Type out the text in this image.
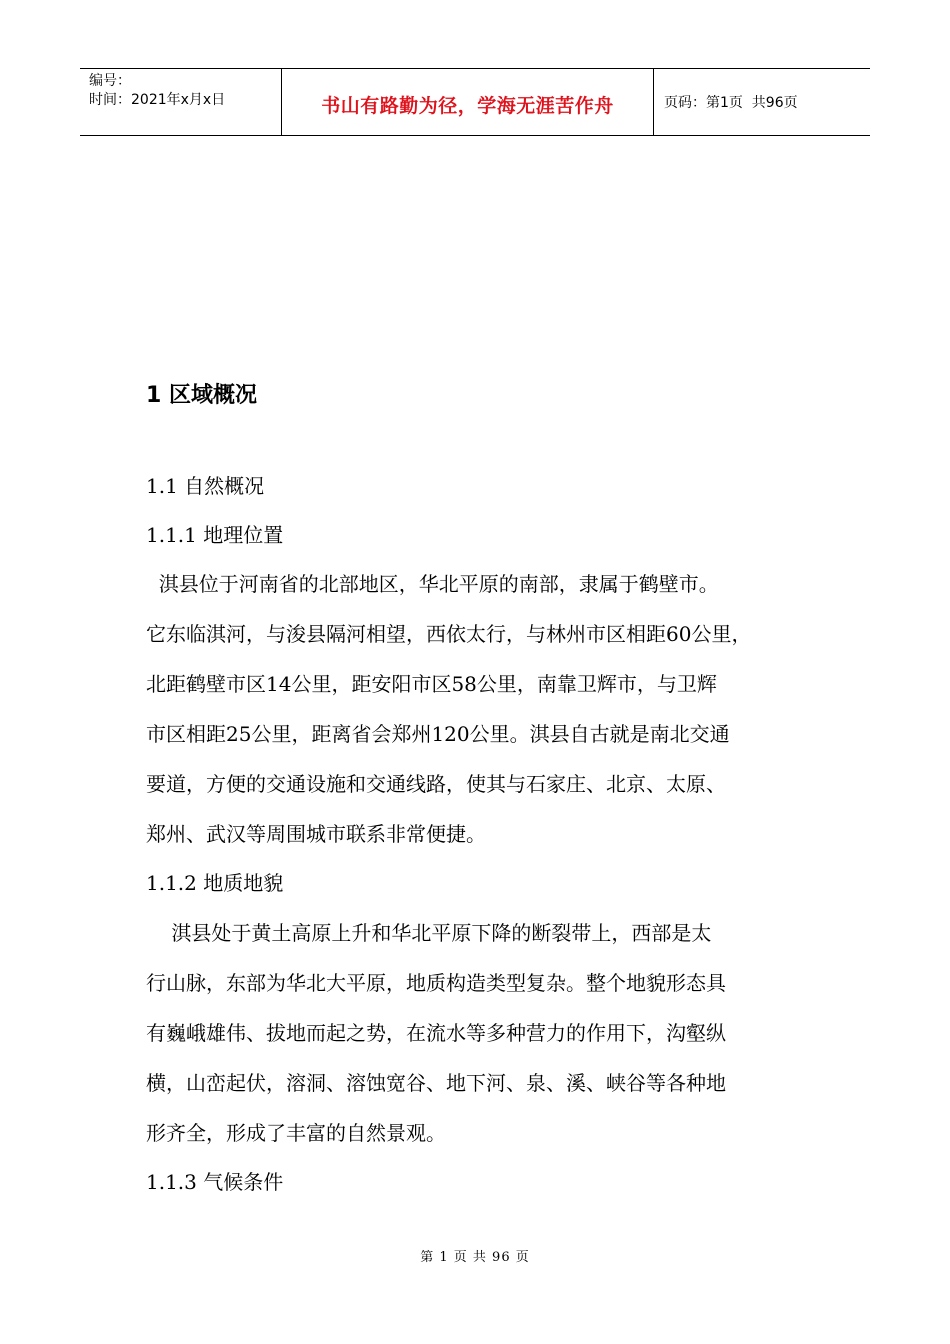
编号：
时间：2021年x月x日	书山有路勤为径，学海无涯苦作舟	页码：第1页  共96页
1 区域概况
1.1 自然概况
1.1.1 地理位置
淇县位于河南省的北部地区，华北平原的南部，隶属于鹤壁市。
它东临淇河，与浚县隔河相望，西依太行，与林州市区相距60公里，
北距鹤壁市区14公里，距安阳市区58公里，南靠卫辉市，与卫辉
市区相距25公里，距离省会郑州120公里。淇县自古就是南北交通
要道，方便的交通设施和交通线路，使其与石家庄、北京、太原、
郑州、武汉等周围城市联系非常便捷。
1.1.2 地质地貌
淇县处于黄土高原上升和华北平原下降的断裂带上，西部是太
行山脉，东部为华北大平原，地质构造类型复杂。整个地貌形态具
有巍峨雄伟、拔地而起之势，在流水等多种营力的作用下，沟壑纵
横，山峦起伏，溶洞、溶蚀宽谷、地下河、泉、溪、峡谷等各种地
形齐全，形成了丰富的自然景观。
1.1.3 气候条件
第 1 页 共 96 页
